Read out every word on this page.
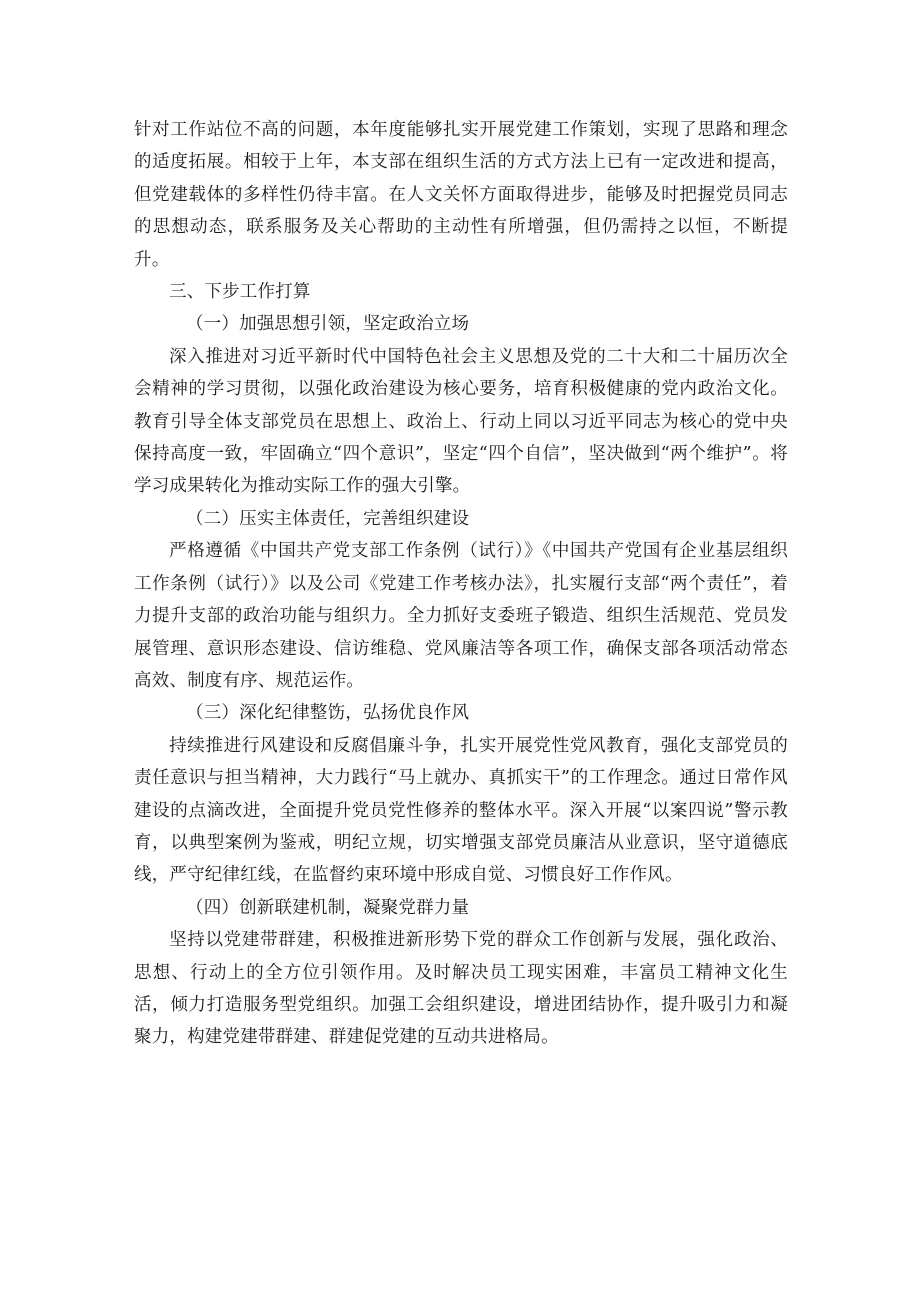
针对工作站位不高的问题，本年度能够扎实开展党建工作策划，实现了思路和理念的适度拓展。相较于上年，本支部在组织生活的方式方法上已有一定改进和提高，但党建载体的多样性仍待丰富。在人文关怀方面取得进步，能够及时把握党员同志的思想动态，联系服务及关心帮助的主动性有所增强，但仍需持之以恒，不断提升。

三、下步工作打算

（一）加强思想引领，坚定政治立场

深入推进对习近平新时代中国特色社会主义思想及党的二十大和二十届历次全会精神的学习贯彻，以强化政治建设为核心要务，培育积极健康的党内政治文化。教育引导全体支部党员在思想上、政治上、行动上同以习近平同志为核心的党中央保持高度一致，牢固确立“四个意识”，坚定“四个自信”，坚决做到“两个维护”。将学习成果转化为推动实际工作的强大引擎。

（二）压实主体责任，完善组织建设

严格遵循《中国共产党支部工作条例（试行）》《中国共产党国有企业基层组织工作条例（试行）》以及公司《党建工作考核办法》，扎实履行支部“两个责任”，着力提升支部的政治功能与组织力。全力抓好支委班子锻造、组织生活规范、党员发展管理、意识形态建设、信访维稳、党风廉洁等各项工作，确保支部各项活动常态高效、制度有序、规范运作。

（三）深化纪律整饬，弘扬优良作风

持续推进行风建设和反腐倡廉斗争，扎实开展党性党风教育，强化支部党员的责任意识与担当精神，大力践行“马上就办、真抓实干”的工作理念。通过日常作风建设的点滴改进，全面提升党员党性修养的整体水平。深入开展“以案四说”警示教育，以典型案例为鉴戒，明纪立规，切实增强支部党员廉洁从业意识，坚守道德底线，严守纪律红线，在监督约束环境中形成自觉、习惯良好工作作风。

（四）创新联建机制，凝聚党群力量

坚持以党建带群建，积极推进新形势下党的群众工作创新与发展，强化政治、思想、行动上的全方位引领作用。及时解决员工现实困难，丰富员工精神文化生活，倾力打造服务型党组织。加强工会组织建设，增进团结协作，提升吸引力和凝聚力，构建党建带群建、群建促党建的互动共进格局。
